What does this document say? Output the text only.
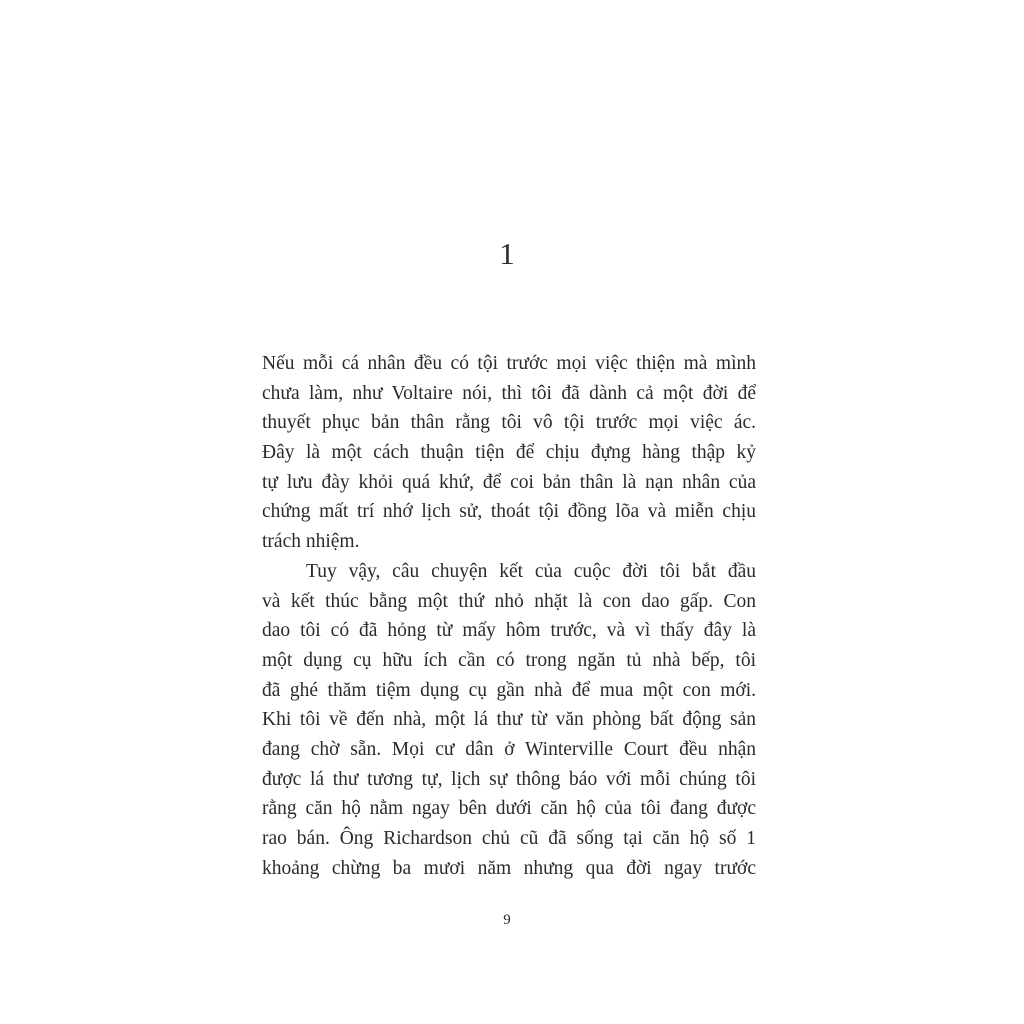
1
Nếu mỗi cá nhân đều có tội trước mọi việc thiện mà mình
chưa làm, như Voltaire nói, thì tôi đã dành cả một đời để
thuyết phục bản thân rằng tôi vô tội trước mọi việc ác.
Đây là một cách thuận tiện để chịu đựng hàng thập kỷ
tự lưu đày khỏi quá khứ, để coi bản thân là nạn nhân của
chứng mất trí nhớ lịch sử, thoát tội đồng lõa và miễn chịu
trách nhiệm.
Tuy vậy, câu chuyện kết của cuộc đời tôi bắt đầu
và kết thúc bằng một thứ nhỏ nhặt là con dao gấp. Con
dao tôi có đã hỏng từ mấy hôm trước, và vì thấy đây là
một dụng cụ hữu ích cần có trong ngăn tủ nhà bếp, tôi
đã ghé thăm tiệm dụng cụ gần nhà để mua một con mới.
Khi tôi về đến nhà, một lá thư từ văn phòng bất động sản
đang chờ sẵn. Mọi cư dân ở Winterville Court đều nhận
được lá thư tương tự, lịch sự thông báo với mỗi chúng tôi
rằng căn hộ nằm ngay bên dưới căn hộ của tôi đang được
rao bán. Ông Richardson chủ cũ đã sống tại căn hộ số 1
khoảng chừng ba mươi năm nhưng qua đời ngay trước
9
